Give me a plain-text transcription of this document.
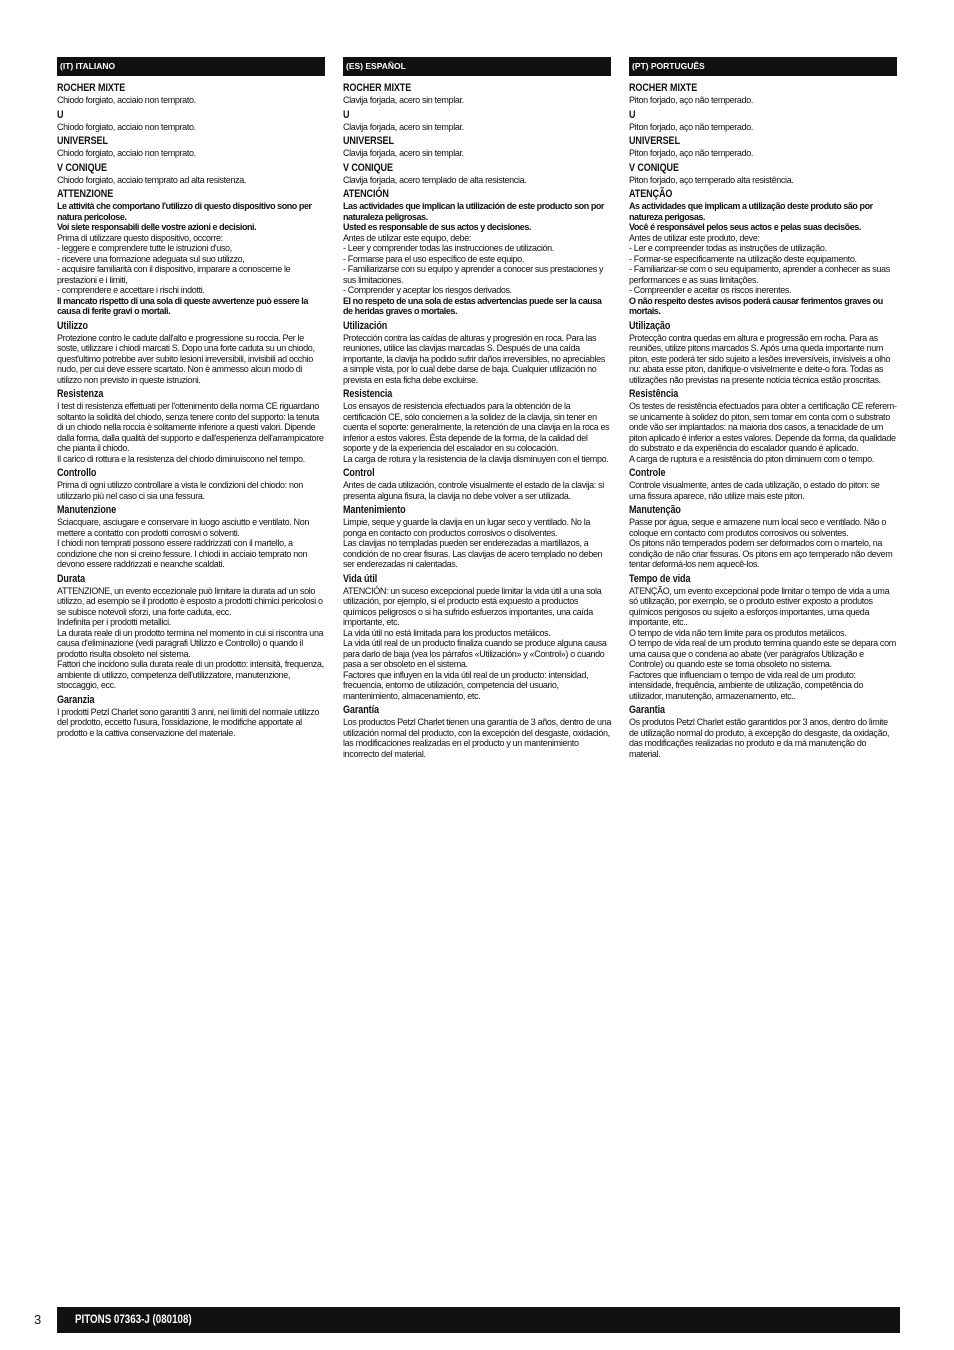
(IT) ITALIANO
ROCHER MIXTE

Chiodo forgiato, acciaio non temprato.

U

Chiodo forgiato, acciaio non temprato.

UNIVERSEL

Chiodo forgiato, acciaio non temprato.

V CONIQUE

Chiodo forgiato, acciaio temprato ad alta resistenza.

ATTENZIONE

Le attività che comportano l'utilizzo di questo dispositivo sono per natura pericolose.
Voi siete responsabili delle vostre azioni e decisioni.

Prima di utilizzare questo dispositivo, occorre:
- leggere e comprendere tutte le istruzioni d'uso,
- ricevere una formazione adeguata sul suo utilizzo,
- acquisire familiarità con il dispositivo, imparare a conoscerne le prestazioni e i limiti,
- comprendere e accettare i rischi indotti.

Il mancato rispetto di una sola di queste avvertenze può essere la causa di ferite gravi o mortali.

Utilizzo

Protezione contro le cadute dall'alto e progressione su roccia. Per le soste, utilizzare i chiodi marcati S. Dopo una forte caduta su un chiodo, quest'ultimo potrebbe aver subito lesioni irreversibili, invisibili ad occhio nudo, per cui deve essere scartato. Non è ammesso alcun modo di utilizzo non previsto in queste istruzioni.

Resistenza

I test di resistenza effettuati per l'ottenimento della norma CE riguardano soltanto la solidità del chiodo, senza tenere conto del supporto: la tenuta di un chiodo nella roccia è solitamente inferiore a questi valori. Dipende dalla forma, dalla qualità del supporto e dall'esperienza dell'arrampicatore che pianta il chiodo.
Il carico di rottura e la resistenza del chiodo diminuiscono nel tempo.

Controllo

Prima di ogni utilizzo controllare a vista le condizioni del chiodo: non utilizzarlo più nel caso ci sia una fessura.

Manutenzione

Sciacquare, asciugare e conservare in luogo asciutto e ventilato. Non mettere a contatto con prodotti corrosivi o solventi.
I chiodi non temprati possono essere raddrizzati con il martello, a condizione che non si creino fessure. I chiodi in acciaio temprato non devono essere raddrizzati e neanche scaldati.

Durata

ATTENZIONE, un evento eccezionale può limitare la durata ad un solo utilizzo, ad esempio se il prodotto è esposto a prodotti chimici pericolosi o se subisce notevoli sforzi, una forte caduta, ecc.
Indefinita per i prodotti metallici.
La durata reale di un prodotto termina nel momento in cui si riscontra una causa d'eliminazione (vedi paragrafi Utilizzo e Controllo) o quando il prodotto risulta obsoleto nel sistema.
Fattori che incidono sulla durata reale di un prodotto: intensità, frequenza, ambiente di utilizzo, competenza dell'utilizzatore, manutenzione, stoccaggio, ecc.

Garanzia

I prodotti Petzl Charlet sono garantiti 3 anni, nei limiti del normale utilizzo del prodotto, eccetto l'usura, l'ossidazione, le modifiche apportate al prodotto e la cattiva conservazione del materiale.

(ES) ESPAÑOL
ROCHER MIXTE

Clavija forjada, acero sin templar.

U

Clavija forjada, acero sin templar.

UNIVERSEL

Clavija forjada, acero sin templar.

V CONIQUE

Clavija forjada, acero templado de alta resistencia.

ATENCIÓN

Las actividades que implican la utilización de este producto son por naturaleza peligrosas.
Usted es responsable de sus actos y decisiones.

Antes de utilizar este equipo, debe:
- Leer y comprender todas las instrucciones de utilización.
- Formarse para el uso específico de este equipo.
- Familiarizarse con su equipo y aprender a conocer sus prestaciones y sus limitaciones.
- Comprender y aceptar los riesgos derivados.

El no respeto de una sola de estas advertencias puede ser la causa de heridas graves o mortales.

Utilización

Protección contra las caídas de alturas y progresión en roca. Para las reuniones, utilice las clavijas marcadas S. Después de una caída importante, la clavija ha podido sufrir daños irreversibles, no apreciables a simple vista, por lo cual debe darse de baja. Cualquier utilización no prevista en esta ficha debe excluirse.

Resistencia

Los ensayos de resistencia efectuados para la obtención de la certificación CE, sólo conciernen a la solidez de la clavija, sin tener en cuenta el soporte: generalmente, la retención de una clavija en la roca es inferior a estos valores. Ésta depende de la forma, de la calidad del soporte y de la experiencia del escalador en su colocación.
La carga de rotura y la resistencia de la clavija disminuyen con el tiempo.

Control

Antes de cada utilización, controle visualmente el estado de la clavija: si presenta alguna fisura, la clavija no debe volver a ser utilizada.

Mantenimiento

Limpie, seque y guarde la clavija en un lugar seco y ventilado. No la ponga en contacto con productos corrosivos o disolventes.
Las clavijas no templadas pueden ser enderezadas a martillazos, a condición de no crear fisuras. Las clavijas de acero templado no deben ser enderezadas ni calentadas.

Vida útil

ATENCIÓN: un suceso excepcional puede limitar la vida útil a una sola utilización, por ejemplo, si el producto está expuesto a productos químicos peligrosos o si ha sufrido esfuerzos importantes, una caída importante, etc.
La vida útil no está limitada para los productos metálicos.
La vida útil real de un producto finaliza cuando se produce alguna causa para darlo de baja (vea los párrafos «Utilización» y «Control») o cuando pasa a ser obsoleto en el sistema.
Factores que influyen en la vida útil real de un producto: intensidad, frecuencia, entorno de utilización, competencia del usuario, mantenimiento, almacenamiento, etc.

Garantía

Los productos Petzl Charlet tienen una garantía de 3 años, dentro de una utilización normal del producto, con la excepción del desgaste, oxidación, las modificaciones realizadas en el producto y un mantenimiento incorrecto del material.

(PT) PORTUGUÊS
ROCHER MIXTE

Piton forjado, aço não temperado.

U

Piton forjado, aço não temperado.

UNIVERSEL

Piton forjado, aço não temperado.

V CONIQUE

Piton forjado, aço temperado alta resistência.

ATENÇÃO

As actividades que implicam a utilização deste produto são por natureza perigosas.
Você é responsável pelos seus actos e pelas suas decisões.

Antes de utilizar este produto, deve:
- Ler e compreender todas as instruções de utilização.
- Formar-se especificamente na utilização deste equipamento.
- Familiarizar-se com o seu equipamento, aprender a conhecer as suas performances e as suas limitações.
- Compreender e aceitar os riscos inerentes.

O não respeito destes avisos poderá causar ferimentos graves ou mortais.

Utilização

Protecção contra quedas em altura e progressão em rocha. Para as reuniões, utilize pitons marcados S. Após uma queda importante num piton, este poderá ter sido sujeito a lesões irreversíveis, invisíveis a olho nu: abata esse piton, danifique-o visivelmente e deite-o fora. Todas as utilizações não previstas na presente notícia técnica estão proscritas.

Resistência

Os testes de resistência efectuados para obter a certificação CE referem-se unicamente à solidez do piton, sem tomar em conta com o substrato onde vão ser implantados: na maioria dos casos, a tenacidade de um piton aplicado é inferior a estes valores. Depende da forma, da qualidade do substrato e da experiência do escalador quando é aplicado.
A carga de ruptura e a resistência do piton diminuem com o tempo.

Controle

Controle visualmente, antes de cada utilização, o estado do piton: se uma fissura aparece, não utilize mais este piton.

Manutenção

Passe por água, seque e armazene num local seco e ventilado. Não o coloque em contacto com produtos corrosivos ou solventes.
Os pitons não temperados podem ser deformados com o martelo, na condição de não criar fissuras. Os pitons em aço temperado não devem tentar deformá-los nem aquecê-los.

Tempo de vida

ATENÇÃO, um evento excepcional pode limitar o tempo de vida a uma só utilização, por exemplo, se o produto estiver exposto a produtos químicos perigosos ou sujeito a esforços importantes, uma queda importante, etc..
O tempo de vida não tem limite para os produtos metálicos.
O tempo de vida real de um produto termina quando este se depara com uma causa que o condena ao abate (ver parágrafos Utilização e Controle) ou quando este se torna obsoleto no sistema.
Factores que influenciam o tempo de vida real de um produto: intensidade, frequência, ambiente de utilização, competência do utilizador, manutenção, armazenamento, etc..

Garantia

Os produtos Petzl Charlet estão garantidos por 3 anos, dentro do limite de utilização normal do produto, à excepção do desgaste, da oxidação, das modificações realizadas no produto e da má manutenção do material.

3	PITONS 07363-J (080108)
